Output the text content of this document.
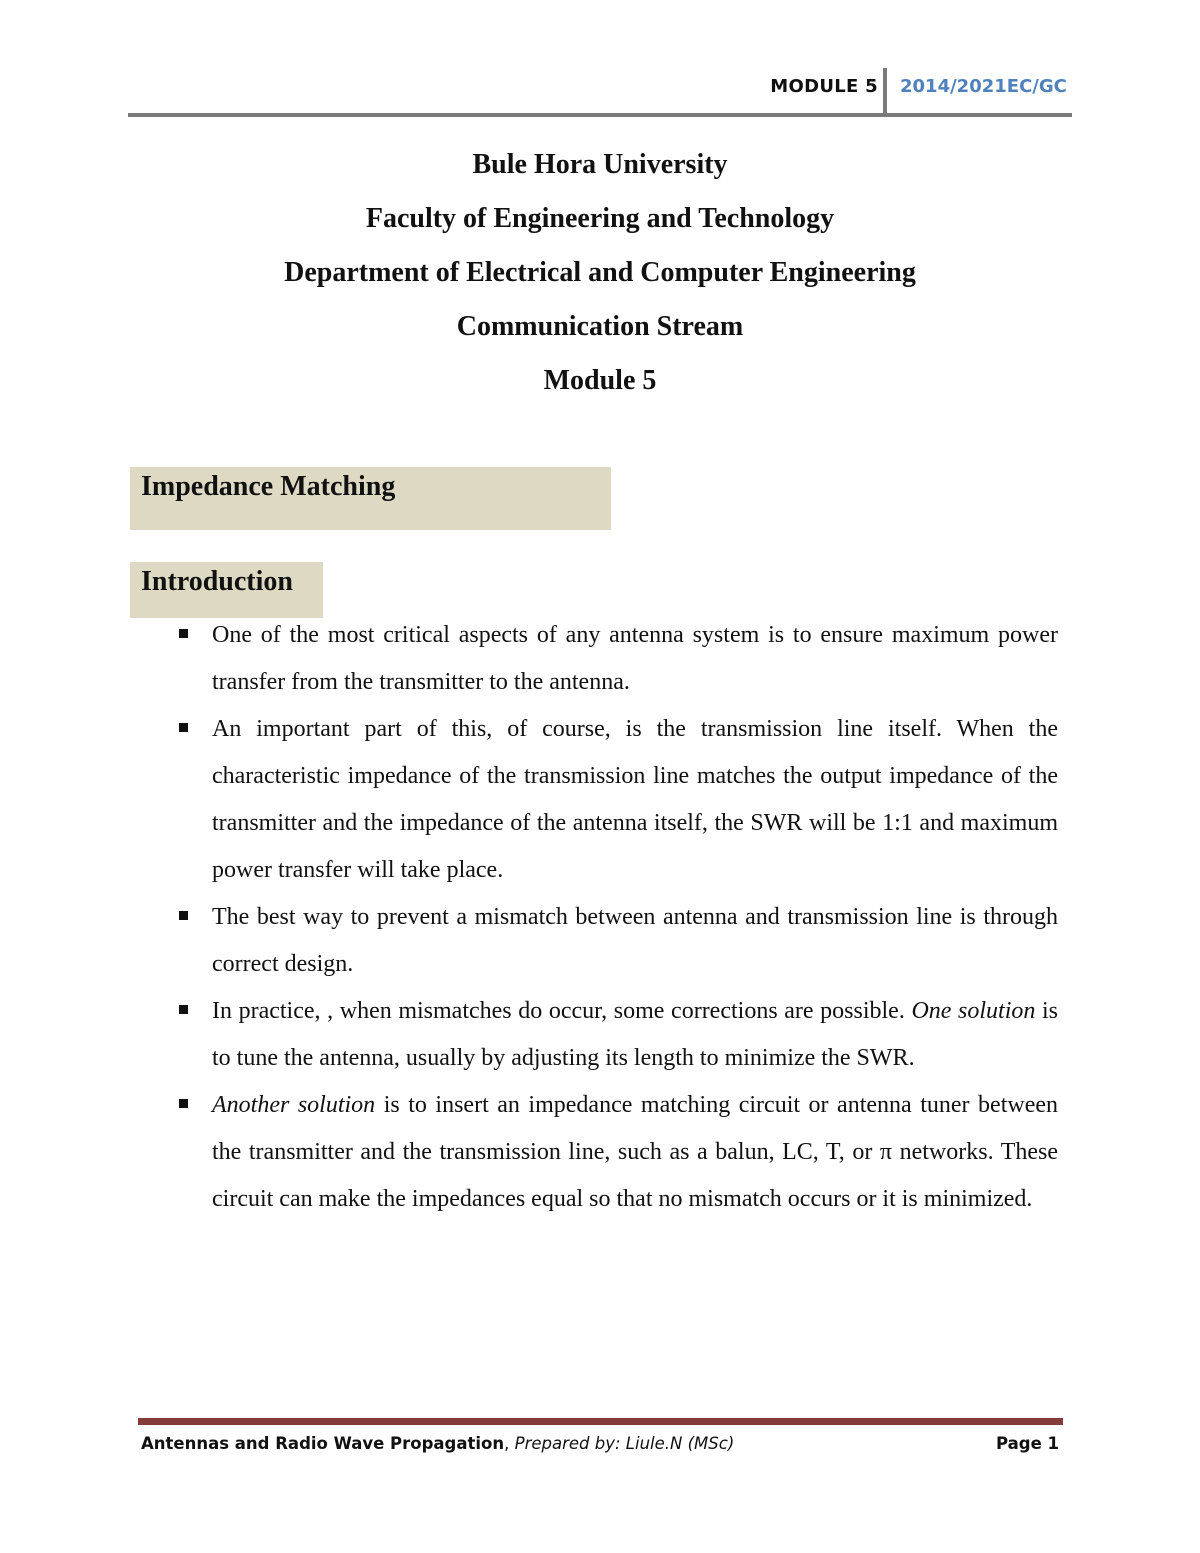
MODULE 5 2014/2021EC/GC
Bule Hora University
Faculty of Engineering and Technology
Department of Electrical and Computer Engineering
Communication Stream
Module 5
Impedance Matching
Introduction
One of the most critical aspects of any antenna system is to ensure maximum power transfer from the transmitter to the antenna.
An important part of this, of course, is the transmission line itself. When the characteristic impedance of the transmission line matches the output impedance of the transmitter and the impedance of the antenna itself, the SWR will be 1:1 and maximum power transfer will take place.
The best way to prevent a mismatch between antenna and transmission line is through correct design.
In practice, , when mismatches do occur, some corrections are possible. One solution is to tune the antenna, usually by adjusting its length to minimize the SWR.
Another solution is to insert an impedance matching circuit or antenna tuner between the transmitter and the transmission line, such as a balun, LC, T, or π networks. These circuit can make the impedances equal so that no mismatch occurs or it is minimized.
Antennas and Radio Wave Propagation, Prepared by: Liule.N (MSc)	Page 1
